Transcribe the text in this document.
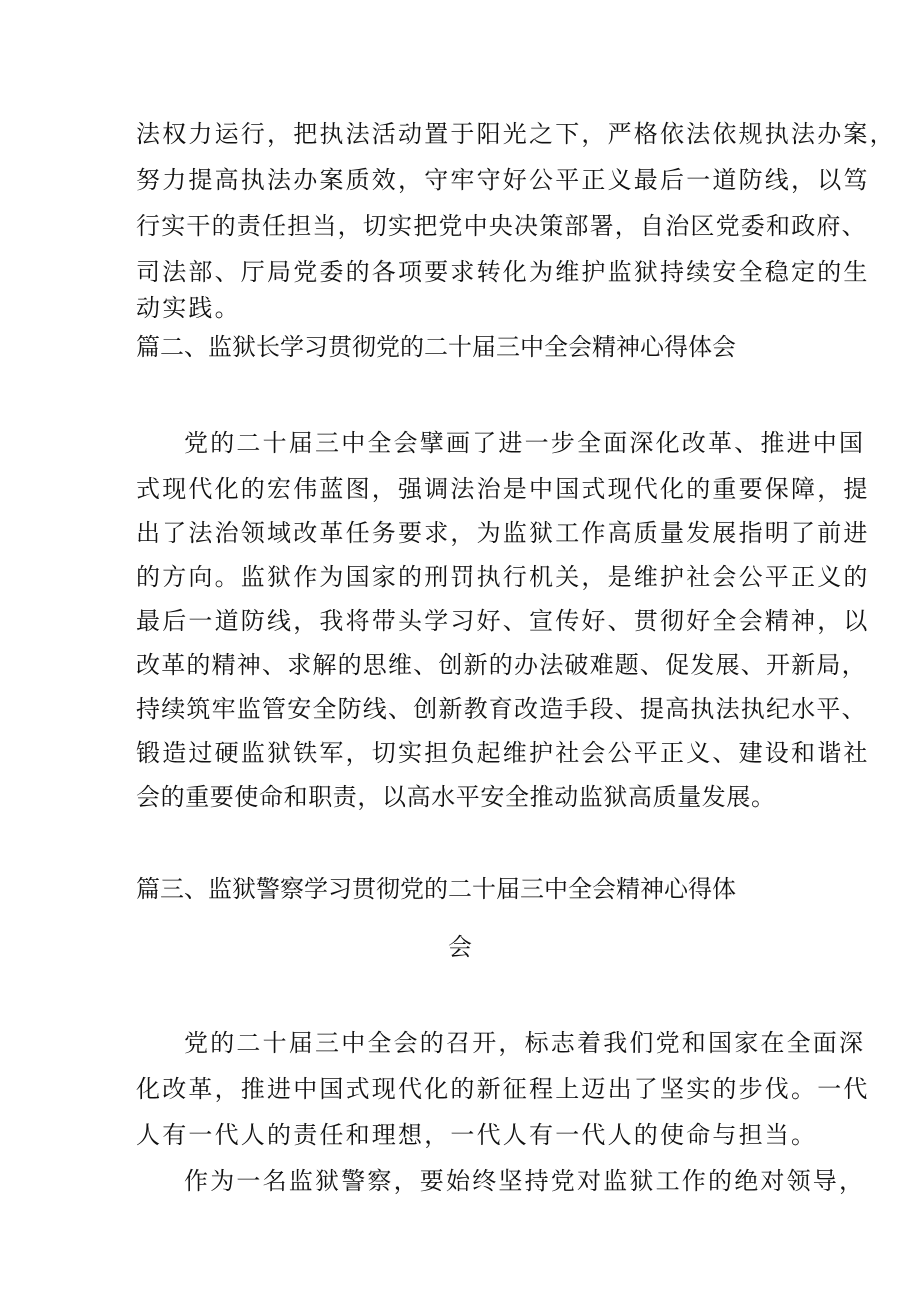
法权力运行，把执法活动置于阳光之下，严格依法依规执法办案，
努力提高执法办案质效，守牢守好公平正义最后一道防线，以笃
行实干的责任担当，切实把党中央决策部署，自治区党委和政府、
司法部、厅局党委的各项要求转化为维护监狱持续安全稳定的生
动实践。
篇二、监狱长学习贯彻党的二十届三中全会精神心得体会
党的二十届三中全会擘画了进一步全面深化改革、推进中国
式现代化的宏伟蓝图，强调法治是中国式现代化的重要保障，提
出了法治领域改革任务要求，为监狱工作高质量发展指明了前进
的方向。监狱作为国家的刑罚执行机关，是维护社会公平正义的
最后一道防线，我将带头学习好、宣传好、贯彻好全会精神，以
改革的精神、求解的思维、创新的办法破难题、促发展、开新局，
持续筑牢监管安全防线、创新教育改造手段、提高执法执纪水平、
锻造过硬监狱铁军，切实担负起维护社会公平正义、建设和谐社
会的重要使命和职责，以高水平安全推动监狱高质量发展。
篇三、监狱警察学习贯彻党的二十届三中全会精神心得体
会
党的二十届三中全会的召开，标志着我们党和国家在全面深
化改革，推进中国式现代化的新征程上迈出了坚实的步伐。一代
人有一代人的责任和理想，一代人有一代人的使命与担当。
作为一名监狱警察，要始终坚持党对监狱工作的绝对领导，
